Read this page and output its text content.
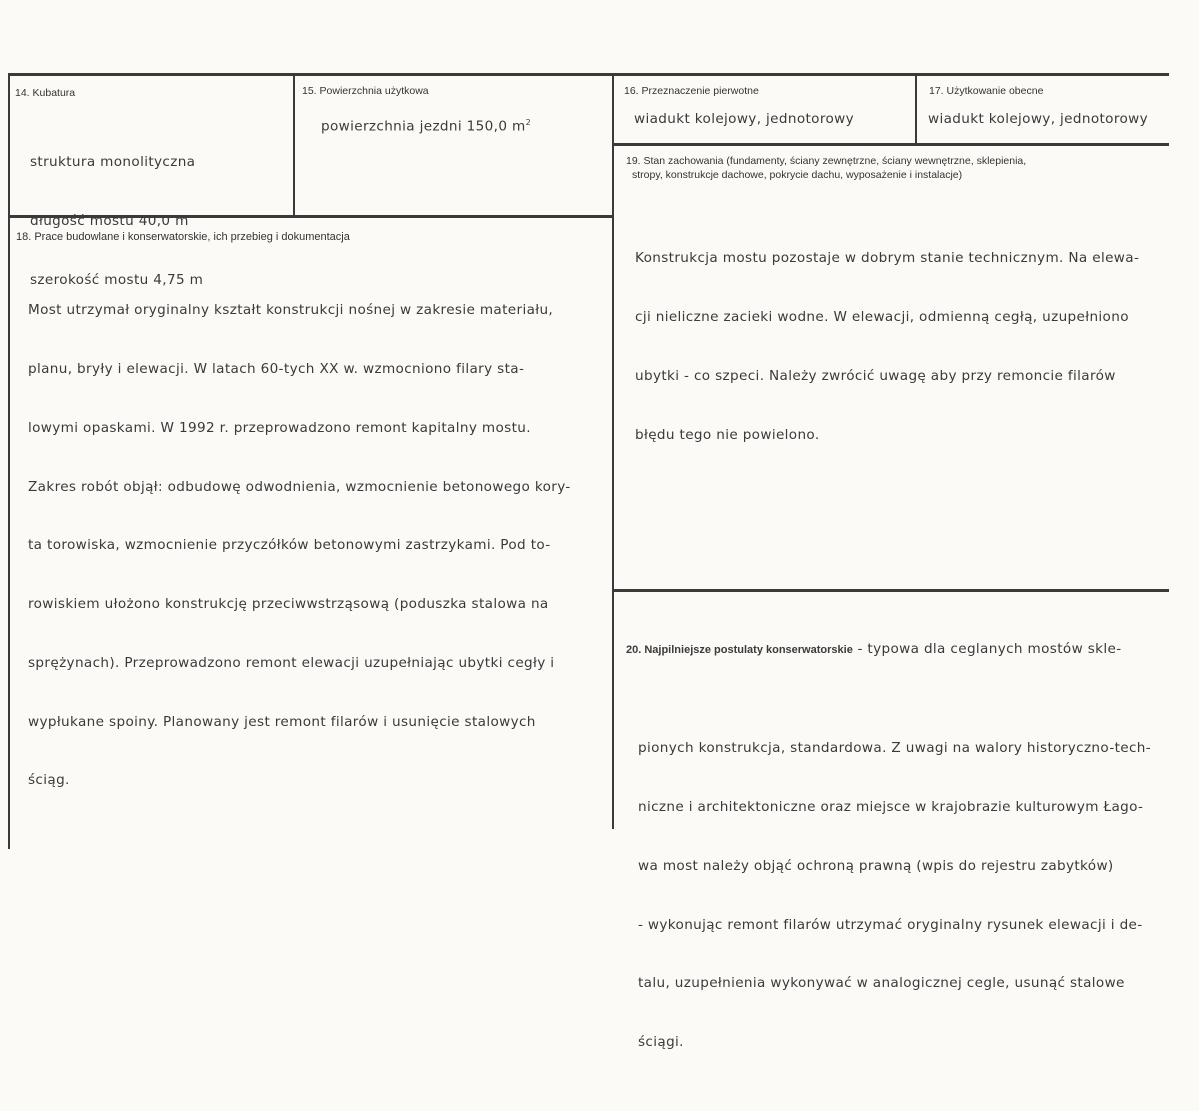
14. Kubatura

struktura monolityczna

długość mostu 40,0 m

szerokość mostu 4,75 m

15. Powierzchnia użytkowa
powierzchnia jezdni 150,0 $m^2$
16. Przeznaczenie pierwotne
wiadukt kolejowy, jednotorowy
17. Użytkowanie obecne
wiadukt kolejowy, jednotorowy
19. Stan zachowania (fundamenty, ściany zewnętrzne, ściany wewnętrzne, sklepienia,
stropy, konstrukcje dachowe, pokrycie dachu, wyposażenie i instalacje)

Konstrukcja mostu pozostaje w dobrym stanie technicznym. Na elewa-

cji nieliczne zacieki wodne. W elewacji, odmienną cegłą, uzupełniono

ubytki - co szpeci. Należy zwrócić uwagę aby przy remoncie filarów

błędu tego nie powielono.

18. Prace budowlane i konserwatorskie, ich przebieg i dokumentacja

Most utrzymał oryginalny kształt konstrukcji nośnej w zakresie materiału,

planu, bryły i elewacji. W latach 60-tych XX w. wzmocniono filary sta-

lowymi opaskami. W 1992 r. przeprowadzono remont kapitalny mostu.

Zakres robót objął: odbudowę odwodnienia, wzmocnienie betonowego kory-

ta torowiska, wzmocnienie przyczółków betonowymi zastrzykami. Pod to-

rowiskiem ułożono konstrukcję przeciwwstrząsową (poduszka stalowa na

sprężynach). Przeprowadzono remont elewacji uzupełniając ubytki cegły i

wypłukane spoiny. Planowany jest remont filarów i usunięcie stalowych

ściąg.

20. Najpilniejsze postulaty konserwatorskie - typowa dla ceglanych mostów skle-

pionych konstrukcja, standardowa. Z uwagi na walory historyczno-tech-

niczne i architektoniczne oraz miejsce w krajobrazie kulturowym Łago-

wa most należy objąć ochroną prawną (wpis do rejestru zabytków)

- wykonując remont filarów utrzymać oryginalny rysunek elewacji i de-

talu, uzupełnienia wykonywać w analogicznej cegle, usunąć stalowe

ściągi.
